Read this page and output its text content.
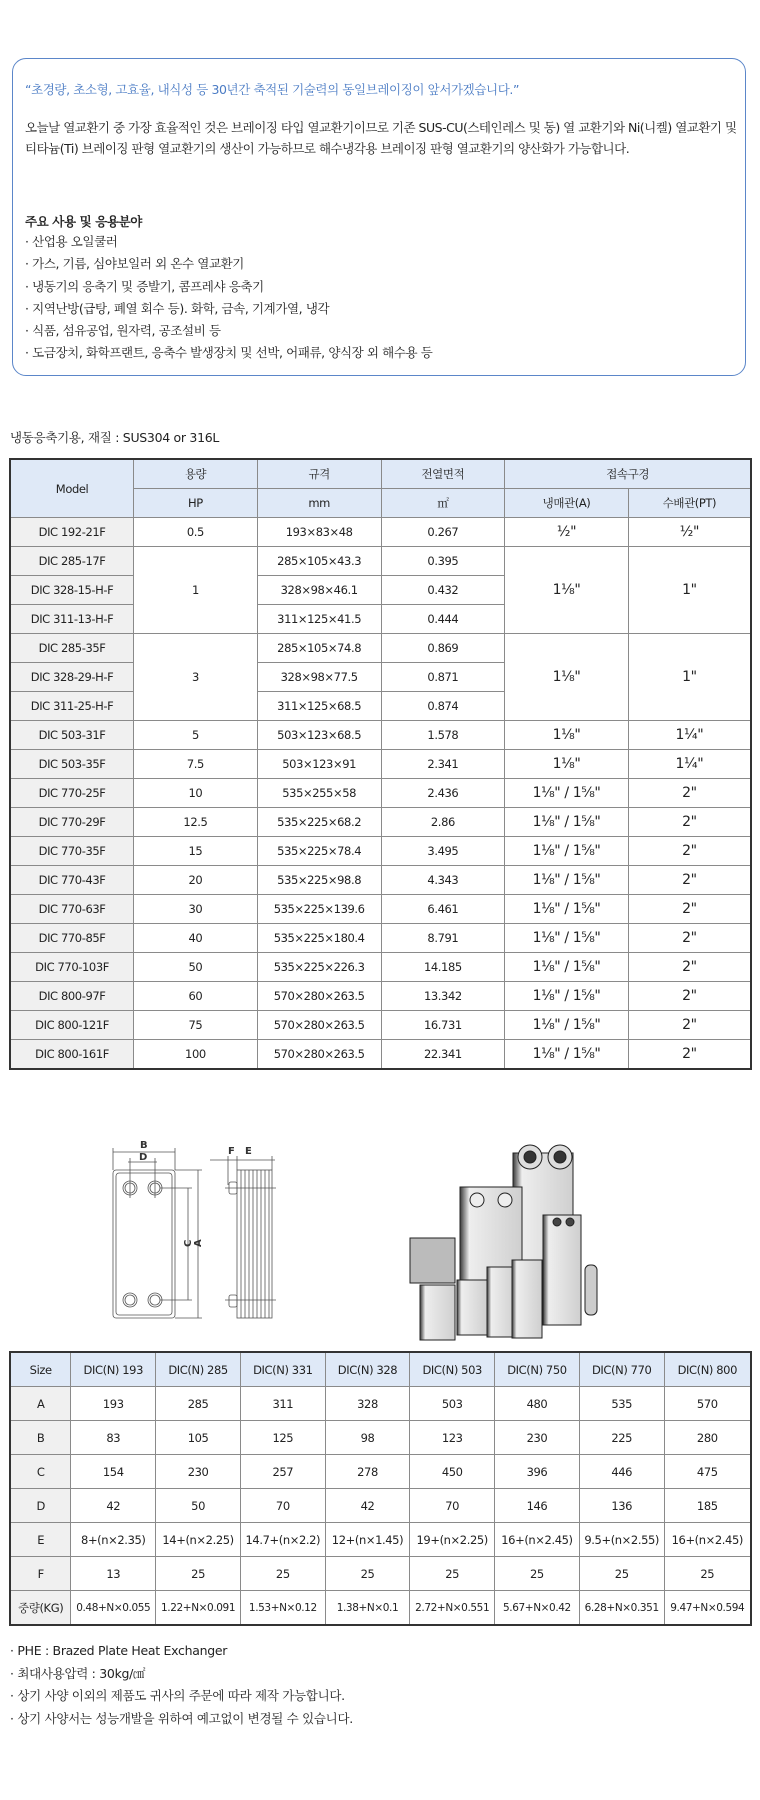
“초경량, 초소형, 고효율, 내식성 등 30년간 축적된 기술력의 동일브레이징이 앞서가겠습니다.”
오늘날 열교환기 중 가장 효율적인 것은 브레이징 타입 열교환기이므로 기존 SUS-CU(스테인레스 및 동) 열 교환기와 Ni(니켈) 열교환기 및 티타늄(Ti) 브레이징 판형 열교환기의 생산이 가능하므로 해수냉각용 브레이징 판형 열교환기의 양산화가 가능합니다.
주요 사용 및 응용분야
· 산업용 오일쿨러
· 가스, 기름, 심야보일러 외 온수 열교환기
· 냉동기의 응축기 및 증발기, 콤프레샤 응축기
· 지역난방(급탕, 폐열 회수 등). 화학, 금속, 기계가열, 냉각
· 식품, 섬유공업, 원자력, 공조설비 등
· 도금장치, 화학프랜트, 응축수 발생장치 및 선박, 어패류, 양식장 외 해수용 등
냉동응축기용, 재질 : SUS304 or 316L
Model	용량	규격	전열면적	접속구경	
	HP	mm	㎡	냉매관(A)	수배관(PT)
DIC 192-21F	0.5	193×83×48	0.267	½"	½"
DIC 285-17F	1	285×105×43.3	0.395	1⅛"	1"
DIC 328-15-H-F		328×98×46.1	0.432		
DIC 311-13-H-F		311×125×41.5	0.444		
DIC 285-35F	3	285×105×74.8	0.869	1⅛"	1"
DIC 328-29-H-F		328×98×77.5	0.871		
DIC 311-25-H-F		311×125×68.5	0.874		
DIC 503-31F	5	503×123×68.5	1.578	1⅛"	1¼"
DIC 503-35F	7.5	503×123×91	2.341	1⅛"	1¼"
DIC 770-25F	10	535×255×58	2.436	1⅛" / 1⅝"	2"
DIC 770-29F	12.5	535×225×68.2	2.86	1⅛" / 1⅝"	2"
DIC 770-35F	15	535×225×78.4	3.495	1⅛" / 1⅝"	2"
DIC 770-43F	20	535×225×98.8	4.343	1⅛" / 1⅝"	2"
DIC 770-63F	30	535×225×139.6	6.461	1⅛" / 1⅝"	2"
DIC 770-85F	40	535×225×180.4	8.791	1⅛" / 1⅝"	2"
DIC 770-103F	50	535×225×226.3	14.185	1⅛" / 1⅝"	2"
DIC 800-97F	60	570×280×263.5	13.342	1⅛" / 1⅝"	2"
DIC 800-121F	75	570×280×263.5	16.731	1⅛" / 1⅝"	2"
DIC 800-161F	100	570×280×263.5	22.341	1⅛" / 1⅝"	2"
B
D
C A
F E
Size	DIC(N) 193	DIC(N) 285	DIC(N) 331	DIC(N) 328	DIC(N) 503	DIC(N) 750	DIC(N) 770	DIC(N) 800
A	193	285	311	328	503	480	535	570
B	83	105	125	98	123	230	225	280
C	154	230	257	278	450	396	446	475
D	42	50	70	42	70	146	136	185
E	8+(n×2.35)	14+(n×2.25)	14.7+(n×2.2)	12+(n×1.45)	19+(n×2.25)	16+(n×2.45)	9.5+(n×2.55)	16+(n×2.45)
F	13	25	25	25	25	25	25	25
중량(KG)	0.48+N×0.055	1.22+N×0.091	1.53+N×0.12	1.38+N×0.1	2.72+N×0.551	5.67+N×0.42	6.28+N×0.351	9.47+N×0.594
· PHE : Brazed Plate Heat Exchanger
· 최대사용압력 : 30kg/㎠
· 상기 사양 이외의 제품도 귀사의 주문에 따라 제작 가능합니다.
· 상기 사양서는 성능개발을 위하여 예고없이 변경될 수 있습니다.
